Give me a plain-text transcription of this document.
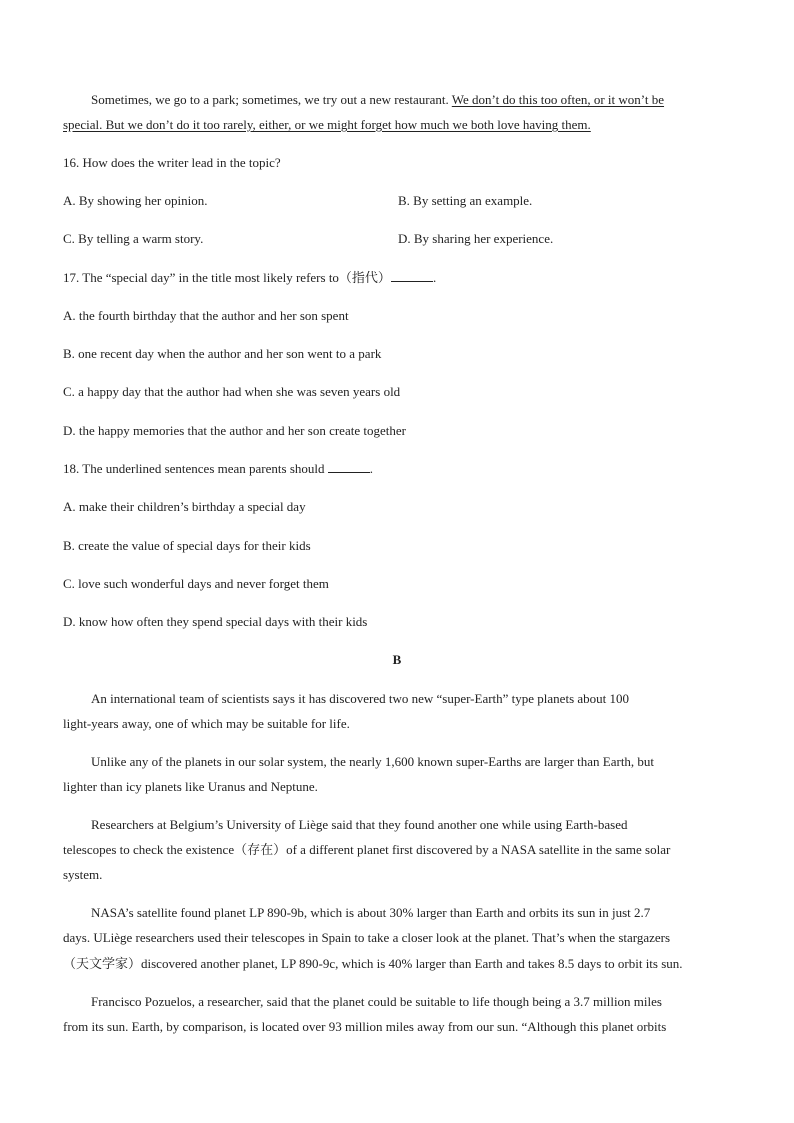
Sometimes, we go to a park; sometimes, we try out a new restaurant. We don’t do this too often, or it won’t be
special. But we don’t do it too rarely, either, or we might forget how much we both love having them.
16. How does the writer lead in the topic?
A. By showing her opinion.	B. By setting an example.
C. By telling a warm story.	D. By sharing her experience.
17. The “special day” in the title most likely refers to（指代）	.
A. the fourth birthday that the author and her son spent
B. one recent day when the author and her son went to a park
C. a happy day that the author had when she was seven years old
D. the happy memories that the author and her son create together
18. The underlined sentences mean parents should	.
A. make their children’s birthday a special day
B. create the value of special days for their kids
C. love such wonderful days and never forget them
D. know how often they spend special days with their kids
B
An international team of scientists says it has discovered two new “super-Earth” type planets about 100
light-years away, one of which may be suitable for life.
Unlike any of the planets in our solar system, the nearly 1,600 known super-Earths are larger than Earth, but
lighter than icy planets like Uranus and Neptune.
Researchers at Belgium’s University of Liège said that they found another one while using Earth-based
telescopes to check the existence（存在）of a different planet first discovered by a NASA satellite in the same solar
system.
NASA’s satellite found planet LP 890-9b, which is about 30% larger than Earth and orbits its sun in just 2.7
days. ULiège researchers used their telescopes in Spain to take a closer look at the planet. That’s when the stargazers
（天文学家）discovered another planet, LP 890-9c, which is 40% larger than Earth and takes 8.5 days to orbit its sun.
Francisco Pozuelos, a researcher, said that the planet could be suitable to life though being a 3.7 million miles
from its sun. Earth, by comparison, is located over 93 million miles away from our sun. “Although this planet orbits
